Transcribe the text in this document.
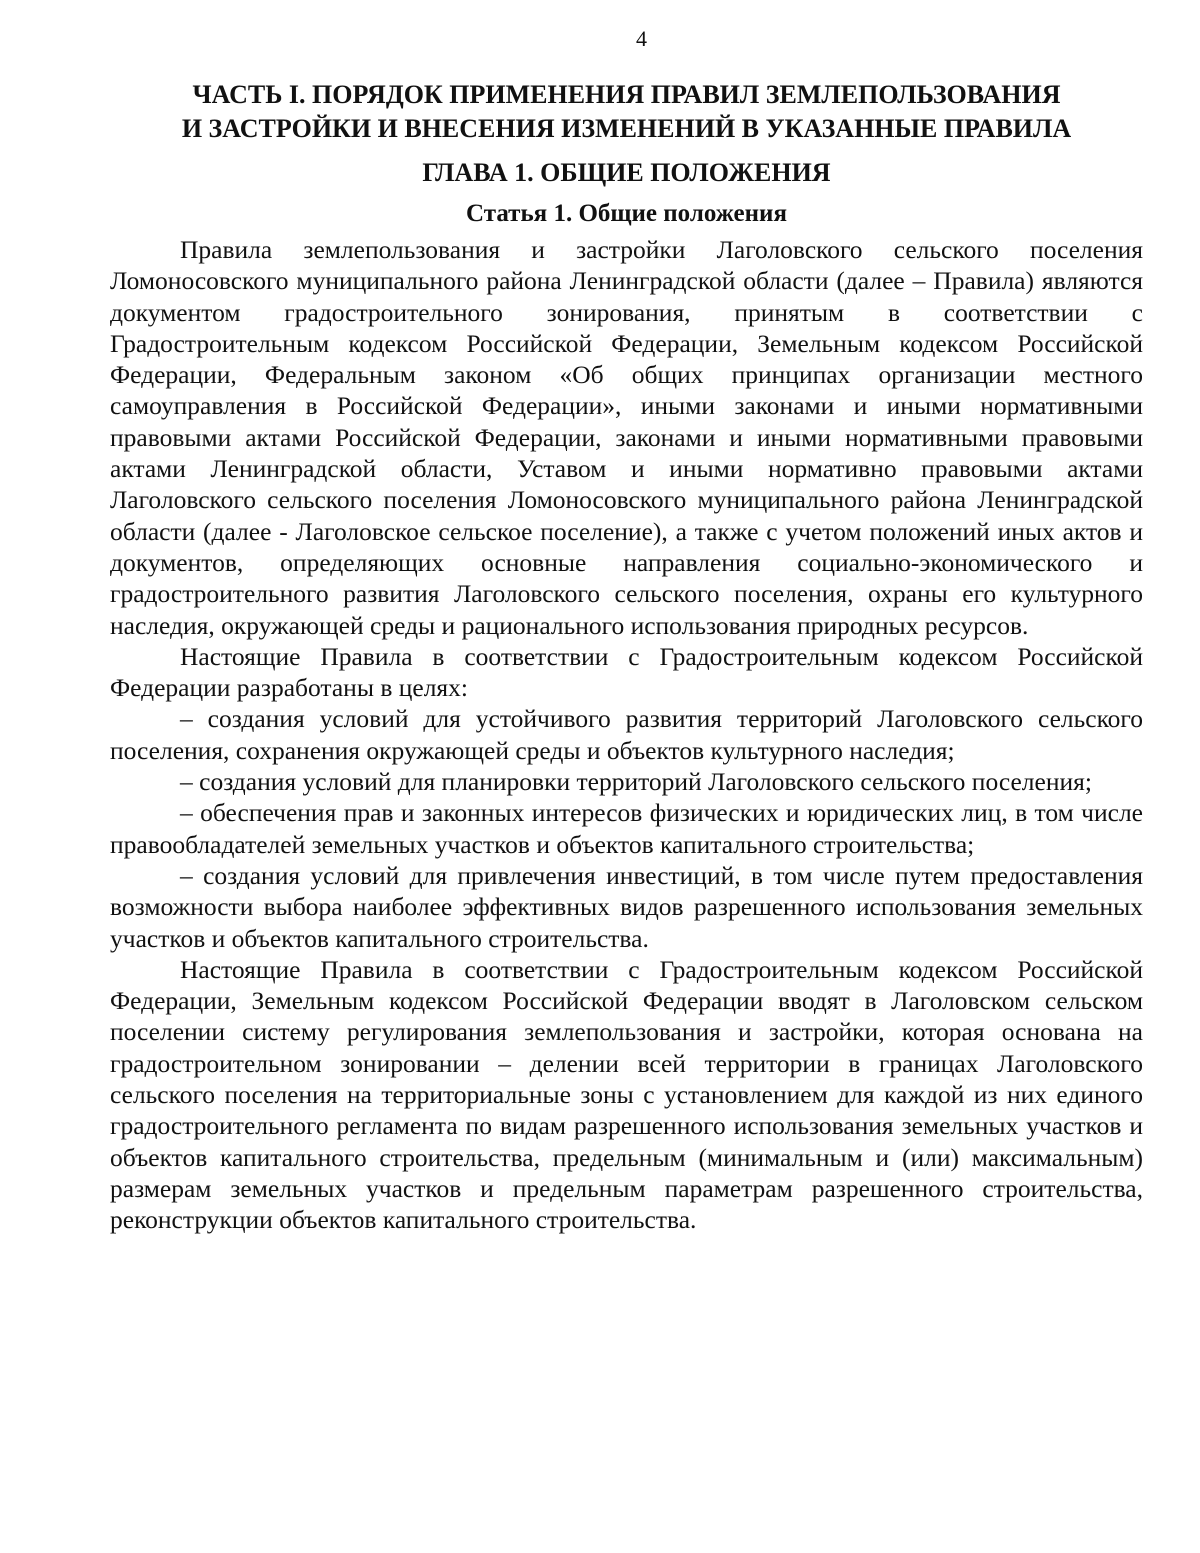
4
ЧАСТЬ I. ПОРЯДОК ПРИМЕНЕНИЯ ПРАВИЛ ЗЕМЛЕПОЛЬЗОВАНИЯ
И ЗАСТРОЙКИ И ВНЕСЕНИЯ ИЗМЕНЕНИЙ В УКАЗАННЫЕ ПРАВИЛА
ГЛАВА 1. ОБЩИЕ ПОЛОЖЕНИЯ
Статья 1. Общие положения

Правила землепользования и застройки Лаголовского сельского поселения Ломоносовского муниципального района Ленинградской области (далее – Правила) являются документом градостроительного зонирования, принятым в соответствии с Градостроительным кодексом Российской Федерации, Земельным кодексом Российской Федерации, Федеральным законом «Об общих принципах организации местного самоуправления в Российской Федерации», иными законами и иными нормативными правовыми актами Российской Федерации, законами и иными нормативными правовыми актами Ленинградской области, Уставом и иными нормативно правовыми актами Лаголовского сельского поселения Ломоносовского муниципального района Ленинградской области (далее - Лаголовское сельское поселение), а также с учетом положений иных актов и документов, определяющих основные направления социально-экономического и градостроительного развития Лаголовского сельского поселения, охраны его культурного наследия, окружающей среды и рационального использования природных ресурсов.

Настоящие Правила в соответствии с Градостроительным кодексом Российской Федерации разработаны в целях:

– создания условий для устойчивого развития территорий Лаголовского сельского поселения, сохранения окружающей среды и объектов культурного наследия;

– создания условий для планировки территорий Лаголовского сельского поселения;

– обеспечения прав и законных интересов физических и юридических лиц, в том числе правообладателей земельных участков и объектов капитального строительства;

– создания условий для привлечения инвестиций, в том числе путем предоставления возможности выбора наиболее эффективных видов разрешенного использования земельных участков и объектов капитального строительства.

Настоящие Правила в соответствии с Градостроительным кодексом Российской Федерации, Земельным кодексом Российской Федерации вводят в Лаголовском сельском поселении систему регулирования землепользования и застройки, которая основана на градостроительном зонировании – делении всей территории в границах Лаголовского сельского поселения на территориальные зоны с установлением для каждой из них единого градостроительного регламента по видам разрешенного использования земельных участков и объектов капитального строительства, предельным (минимальным и (или) максимальным) размерам земельных участков и предельным параметрам разрешенного строительства, реконструкции объектов капитального строительства.
